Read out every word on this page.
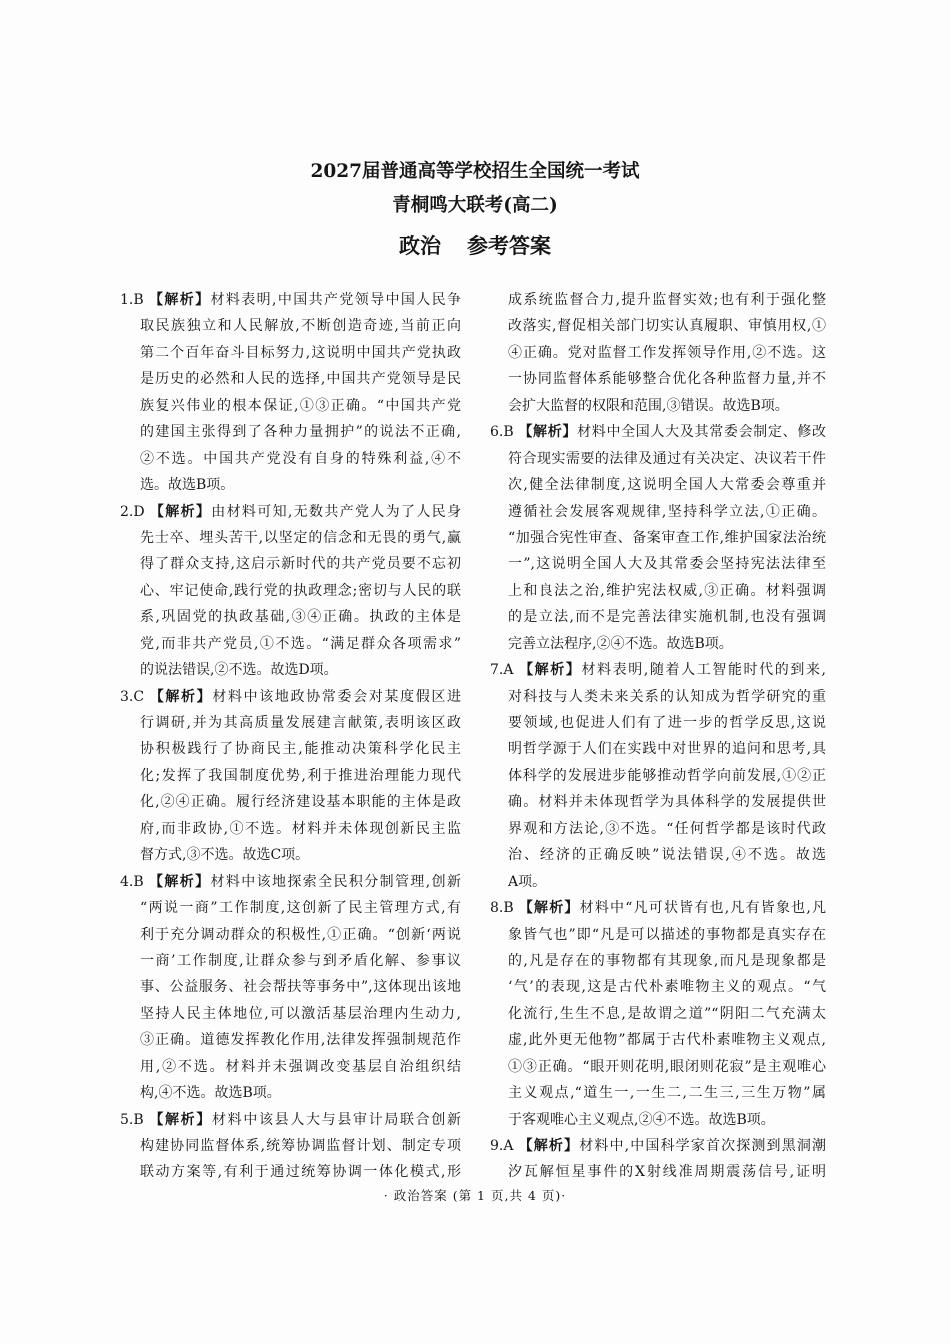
2027届普通高等学校招生全国统一考试
青桐鸣大联考(高二)
政治 参考答案
1.B 【解析】材料表明,中国共产党领导中国人民争
取民族独立和人民解放,不断创造奇迹,当前正向
第二个百年奋斗目标努力,这说明中国共产党执政
是历史的必然和人民的选择,中国共产党领导是民
族复兴伟业的根本保证,①③正确。“中国共产党
的建国主张得到了各种力量拥护”的说法不正确,
②不选。中国共产党没有自身的特殊利益,④不
选。故选B项。
2.D 【解析】由材料可知,无数共产党人为了人民身
先士卒、埋头苦干,以坚定的信念和无畏的勇气,赢
得了群众支持,这启示新时代的共产党员要不忘初
心、牢记使命,践行党的执政理念;密切与人民的联
系,巩固党的执政基础,③④正确。执政的主体是
党,而非共产党员,①不选。“满足群众各项需求”
的说法错误,②不选。故选D项。
3.C 【解析】材料中该地政协常委会对某度假区进
行调研,并为其高质量发展建言献策,表明该区政
协积极践行了协商民主,能推动决策科学化民主
化;发挥了我国制度优势,利于推进治理能力现代
化,②④正确。履行经济建设基本职能的主体是政
府,而非政协,①不选。材料并未体现创新民主监
督方式,③不选。故选C项。
4.B 【解析】材料中该地探索全民积分制管理,创新
“两说一商”工作制度,这创新了民主管理方式,有
利于充分调动群众的积极性,①正确。“创新‘两说
一商’工作制度,让群众参与到矛盾化解、参事议
事、公益服务、社会帮扶等事务中”,这体现出该地
坚持人民主体地位,可以激活基层治理内生动力,
③正确。道德发挥教化作用,法律发挥强制规范作
用,②不选。材料并未强调改变基层自治组织结
构,④不选。故选B项。
5.B 【解析】材料中该县人大与县审计局联合创新
构建协同监督体系,统筹协调监督计划、制定专项
联动方案等,有利于通过统筹协调一体化模式,形
成系统监督合力,提升监督实效;也有利于强化整
改落实,督促相关部门切实认真履职、审慎用权,①
④正确。党对监督工作发挥领导作用,②不选。这
一协同监督体系能够整合优化各种监督力量,并不
会扩大监督的权限和范围,③错误。故选B项。
6.B 【解析】材料中全国人大及其常委会制定、修改
符合现实需要的法律及通过有关决定、决议若干件
次,健全法律制度,这说明全国人大常委会尊重并
遵循社会发展客观规律,坚持科学立法,①正确。
“加强合宪性审查、备案审查工作,维护国家法治统
一”,这说明全国人大及其常委会坚持宪法法律至
上和良法之治,维护宪法权威,③正确。材料强调
的是立法,而不是完善法律实施机制,也没有强调
完善立法程序,②④不选。故选B项。
7.A 【解析】材料表明,随着人工智能时代的到来,
对科技与人类未来关系的认知成为哲学研究的重
要领域,也促进人们有了进一步的哲学反思,这说
明哲学源于人们在实践中对世界的追问和思考,具
体科学的发展进步能够推动哲学向前发展,①②正
确。材料并未体现哲学为具体科学的发展提供世
界观和方法论,③不选。“任何哲学都是该时代政
治、经济的正确反映”说法错误,④不选。故选
A项。
8.B 【解析】材料中“凡可状皆有也,凡有皆象也,凡
象皆气也”即“凡是可以描述的事物都是真实存在
的,凡是存在的事物都有其现象,而凡是现象都是
‘气’的表现,这是古代朴素唯物主义的观点。“气
化流行,生生不息,是故谓之道”“阴阳二气充满太
虚,此外更无他物”都属于古代朴素唯物主义观点,
①③正确。“眼开则花明,眼闭则花寂”是主观唯心
主义观点,“道生一,一生二,二生三,三生万物”属
于客观唯心主义观点,②④不选。故选B项。
9.A 【解析】材料中,中国科学家首次探测到黑洞潮
汐瓦解恒星事件的X射线准周期震荡信号,证明
· 政治答案 (第 1 页,共 4 页)·
